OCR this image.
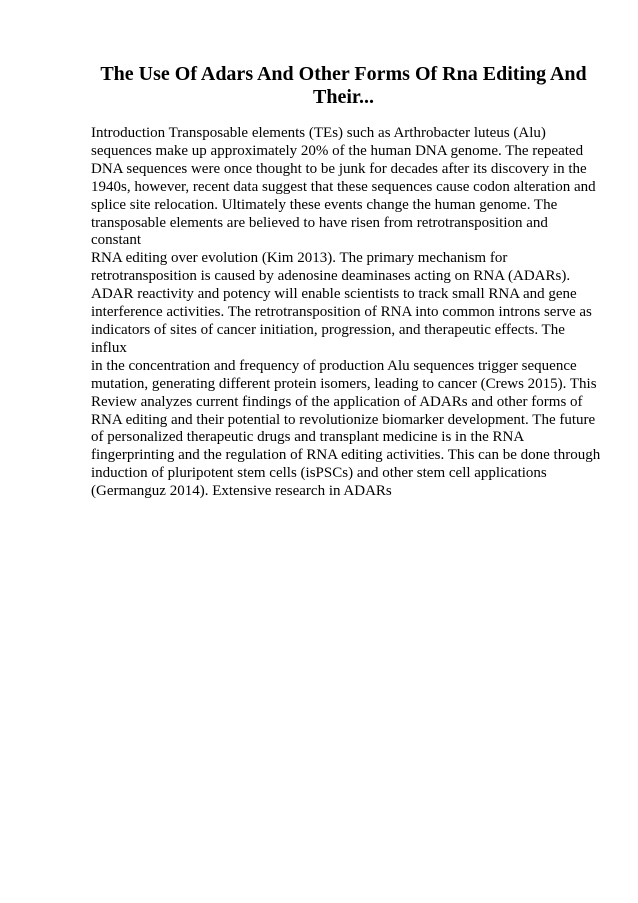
The Use Of Adars And Other Forms Of Rna Editing And Their...

Introduction Transposable elements (TEs) such as Arthrobacter luteus (Alu)
sequences make up approximately 20% of the human DNA genome. The repeated
DNA sequences were once thought to be junk for decades after its discovery in the
1940s, however, recent data suggest that these sequences cause codon alteration and
splice site relocation. Ultimately these events change the human genome. The
transposable elements are believed to have risen from retrotransposition and constant
RNA editing over evolution (Kim 2013). The primary mechanism for
retrotransposition is caused by adenosine deaminases acting on RNA (ADARs).
ADAR reactivity and potency will enable scientists to track small RNA and gene
interference activities. The retrotransposition of RNA into common introns serve as
indicators of sites of cancer initiation, progression, and therapeutic effects. The influx
in the concentration and frequency of production Alu sequences trigger sequence
mutation, generating different protein isomers, leading to cancer (Crews 2015). This
Review analyzes current findings of the application of ADARs and other forms of
RNA editing and their potential to revolutionize biomarker development. The future
of personalized therapeutic drugs and transplant medicine is in the RNA
fingerprinting and the regulation of RNA editing activities. This can be done through
induction of pluripotent stem cells (isPSCs) and other stem cell applications
(Germanguz 2014). Extensive research in ADARs
